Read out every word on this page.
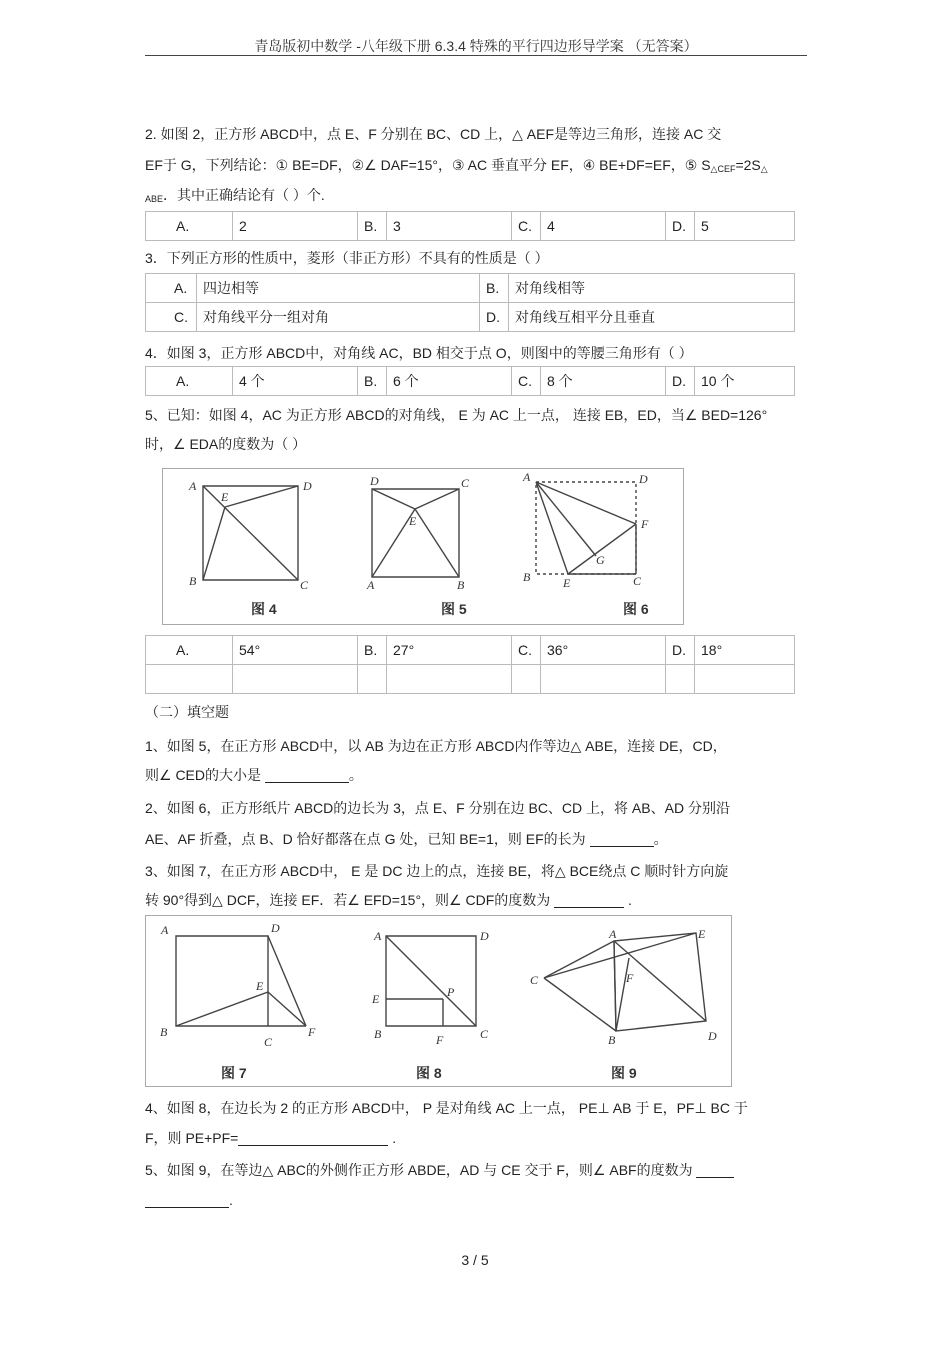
青岛版初中数学 -八年级下册 6.3.4 特殊的平行四边形导学案 （无答案）
2. 如图 2，正方形 ABCD中，点 E、F 分别在 BC、CD 上，△ AEF是等边三角形，连接 AC 交
EF于 G，下列结论：① BE=DF，②∠ DAF=15°，③ AC 垂直平分 EF，④ BE+DF=EF，⑤ $S_{\triangle CEF}=2S_\triangle$
$_{ABE}$．其中正确结论有（ ）个.
A.	2	B.	3	C.	4	D.	5
3．下列正方形的性质中，菱形（非正方形）不具有的性质是（ ）
A.	四边相等	B.	对角线相等
C.	对角线平分一组对角	D.	对角线互相平分且垂直
4．如图 3，正方形 ABCD中，对角线 AC，BD 相交于点 O，则图中的等腰三角形有（ ）
A.	4 个	B.	6 个	C.	8 个	D.	10 个
5、已知：如图 4，AC 为正方形 ABCD的对角线， E 为 AC 上一点， 连接 EB，ED，当∠ BED=126°
时，∠ EDA的度数为（ ）
A	D
E
B	C
图 4
D	C
E
A	B
图 5
A	D
F
G
B	E	C
图 6
A.	54°	B.	27°	C.	36°	D.	18°

（二）填空题
1、如图 5，在正方形 ABCD中，以 AB 为边在正方形 ABCD内作等边△ ABE，连接 DE，CD，
则∠ CED的大小是	。
2、如图 6，正方形纸片 ABCD的边长为 3，点 E、F 分别在边 BC、CD 上，将 AB、AD 分别沿
AE、AF 折叠，点 B、D 恰好都落在点 G 处，已知 BE=1，则 EF的长为	。
3、如图 7，在正方形 ABCD中， E 是 DC 边上的点，连接 BE，将△ BCE绕点 C 顺时针方向旋
转 90°得到△ DCF，连接 EF．若∠ EFD=15°，则∠ CDF的度数为	.
A	D
E
B
C
F
图 7
A	D
E	P
B	F	C
图 8
A	E
C	F
B	D
图 9
4、如图 8，在边长为 2 的正方形 ABCD中， P 是对角线 AC 上一点， PE⊥ AB 于 E，PF⊥ BC 于
F，则 PE+PF=	.
5、如图 9，在等边△ ABC的外侧作正方形 ABDE，AD 与 CE 交于 F，则∠ ABF的度数为
.
3 / 5
